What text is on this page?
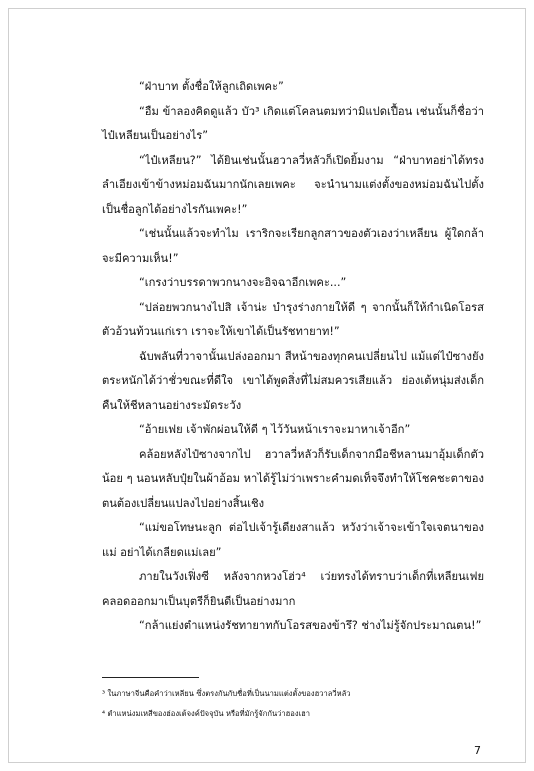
“ฝ่าบาท ตั้งชื่อให้ลูกเถิดเพคะ”

“อืม ข้าลองคิดดูแล้ว บัว³ เกิดแต่โคลนตมทว่ามิแปดเปื้อน เช่นนั้นก็ชื่อว่าไป๋เหลียนเป็นอย่างไร”

“ไป๋เหลียน?” ได้ยินเช่นนั้นฮวาลวี่หลัวก็เปิดยิ้มงาม “ฝ่าบาทอย่าได้ทรงลำเอียงเข้าข้างหม่อมฉันมากนักเลยเพคะ จะนำนามแต่งตั้งของหม่อมฉันไปตั้งเป็นชื่อลูกได้อย่างไรกันเพคะ!”

“เช่นนั้นแล้วจะทำไม เราริกจะเรียกลูกสาวของตัวเองว่าเหลียน ผู้ใดกล้าจะมีความเห็น!”

“เกรงว่าบรรดาพวกนางจะอิจฉาอีกเพคะ...”

“ปล่อยพวกนางไปสิ เจ้าน่ะ บำรุงร่างกายให้ดี ๆ จากนั้นก็ให้กำเนิดโอรสตัวอ้วนท้วนแก่เรา เราจะให้เขาได้เป็นรัชทายาท!”

ฉับพลันที่วาจานั้นเปล่งออกมา สีหน้าของทุกคนเปลี่ยนไป แม้แต่ไป๋ซางยังตระหนักได้ว่าชั่วขณะที่ดีใจ เขาได้พูดสิ่งที่ไม่สมควรเสียแล้ว ย่องเต้หนุ่มส่งเด็กคืนให้ชีหลานอย่างระมัดระวัง

“อ้ายเฟย เจ้าพักผ่อนให้ดี ๆ ไว้วันหน้าเราจะมาหาเจ้าอีก”

คล้อยหลังไป๋ซางจากไป ฮวาลวี่หลัวก็รับเด็กจากมือชีหลานมาอุ้มเด็กตัวน้อย ๆ นอนหลับปุ๋ยในผ้าอ้อม หาได้รู้ไม่ว่าเพราะคำมดเท็จจึงทำให้โชคชะตาของตนต้องเปลี่ยนแปลงไปอย่างสิ้นเชิง

“แม่ขอโทษนะลูก ต่อไปเจ้ารู้เดียงสาแล้ว หวังว่าเจ้าจะเข้าใจเจตนาของแม่ อย่าได้เกลียดแม่เลย”

ภายในวังเฟิ่งซี หลังจากหวงโฮ่ว⁴ เว่ยทรงได้ทราบว่าเด็กที่เหลียนเฟยคลอดออกมาเป็นบุตรีก็ยินดีเป็นอย่างมาก

“กล้าแย่งตำแหน่งรัชทายาทกับโอรสของข้ารึ? ช่างไม่รู้จักประมาณตน!”

³ ในภาษาจีนคือคำว่าเหลียน ซึ่งตรงกันกับชื่อที่เป็นนามแต่งตั้งของฮวาลวี่หลัว

⁴ ตำแหน่งมเหสีของฮ่องเต้จงค์ปัจจุบัน หรือที่มักรู้จักกันว่าฮองเฮา

7
